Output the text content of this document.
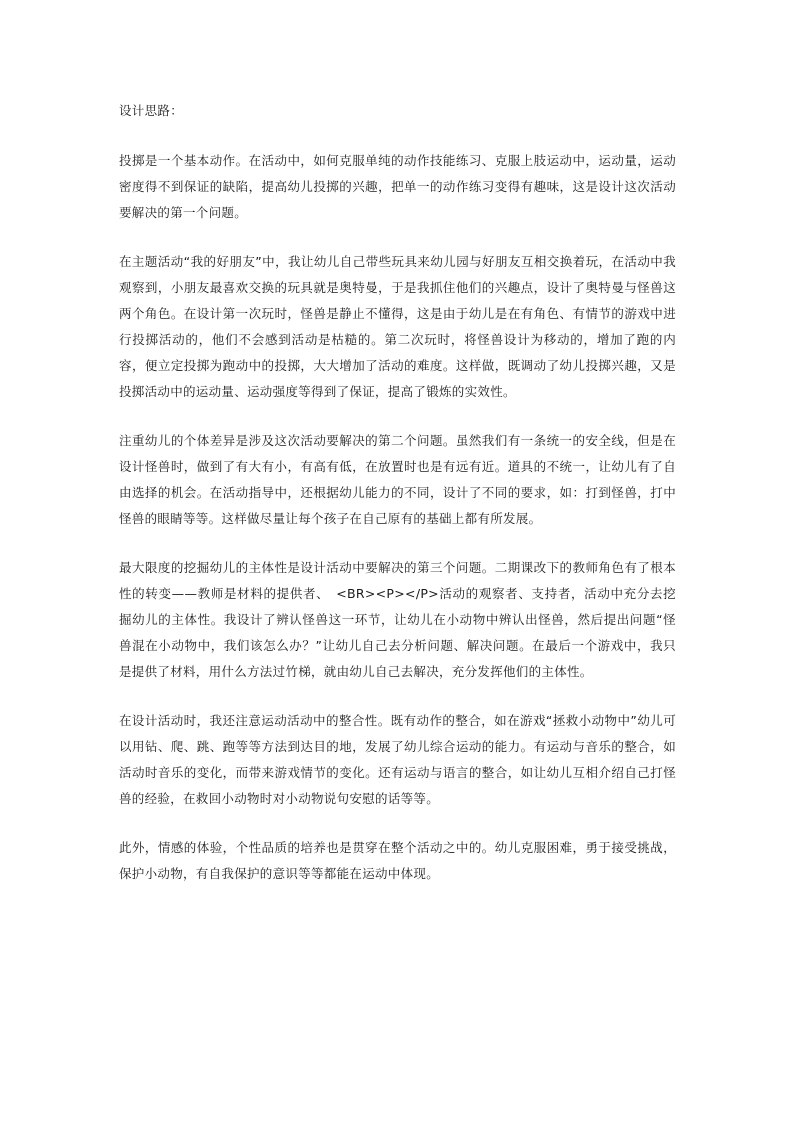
设计思路：

投掷是一个基本动作。在活动中，如何克服单纯的动作技能练习、克服上肢运动中，运动量，运动密度得不到保证的缺陷，提高幼儿投掷的兴趣，把单一的动作练习变得有趣味，这是设计这次活动要解决的第一个问题。

在主题活动“我的好朋友”中，我让幼儿自己带些玩具来幼儿园与好朋友互相交换着玩，在活动中我观察到，小朋友最喜欢交换的玩具就是奥特曼，于是我抓住他们的兴趣点，设计了奥特曼与怪兽这两个角色。在设计第一次玩时，怪兽是静止不懂得，这是由于幼儿是在有角色、有情节的游戏中进行投掷活动的，他们不会感到活动是枯糙的。第二次玩时，将怪兽设计为移动的，增加了跑的内容，便立定投掷为跑动中的投掷，大大增加了活动的难度。这样做，既调动了幼儿投掷兴趣，又是投掷活动中的运动量、运动强度等得到了保证，提高了锻炼的实效性。

注重幼儿的个体差异是涉及这次活动要解决的第二个问题。虽然我们有一条统一的安全线，但是在设计怪兽时，做到了有大有小，有高有低，在放置时也是有远有近。道具的不统一，让幼儿有了自由选择的机会。在活动指导中，还根据幼儿能力的不同，设计了不同的要求，如：打到怪兽，打中怪兽的眼睛等等。这样做尽量让每个孩子在自己原有的基础上都有所发展。

最大限度的挖掘幼儿的主体性是设计活动中要解决的第三个问题。二期课改下的教师角色有了根本性的转变——教师是材料的提供者、　<BR><P></P>活动的观察者、支持者，活动中充分去挖掘幼儿的主体性。我设计了辨认怪兽这一环节，让幼儿在小动物中辨认出怪兽，然后提出问题“怪兽混在小动物中，我们该怎么办？”让幼儿自己去分析问题、解决问题。在最后一个游戏中，我只是提供了材料，用什么方法过竹梯，就由幼儿自己去解决，充分发挥他们的主体性。

在设计活动时，我还注意运动活动中的整合性。既有动作的整合，如在游戏“拯救小动物中”幼儿可以用钻、爬、跳、跑等等方法到达目的地，发展了幼儿综合运动的能力。有运动与音乐的整合，如活动时音乐的变化，而带来游戏情节的变化。还有运动与语言的整合，如让幼儿互相介绍自己打怪兽的经验，在救回小动物时对小动物说句安慰的话等等。

此外，情感的体验，个性品质的培养也是贯穿在整个活动之中的。幼儿克服困难，勇于接受挑战，保护小动物，有自我保护的意识等等都能在运动中体现。
